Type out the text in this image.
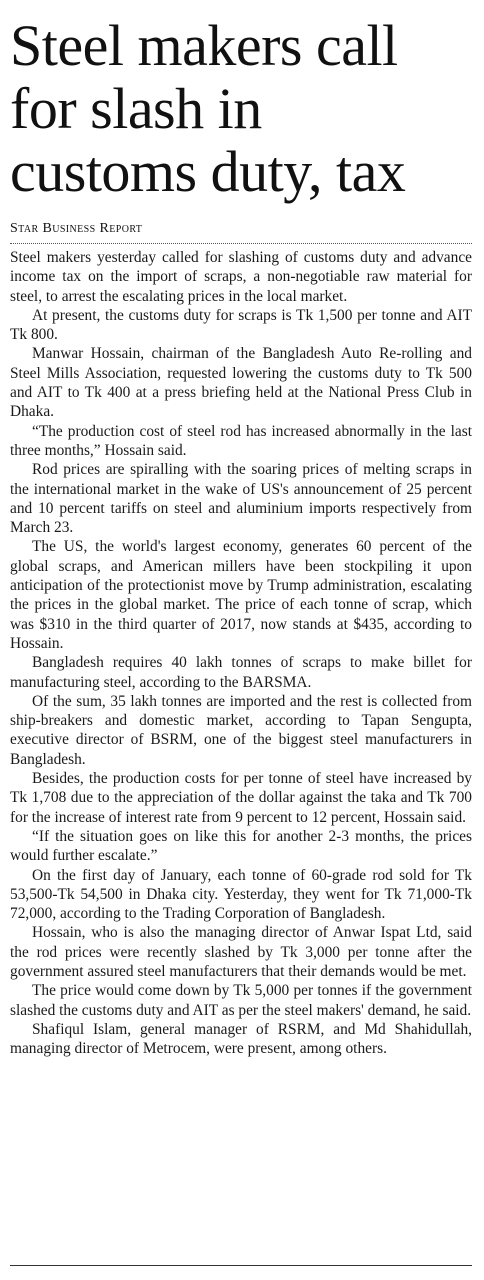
Steel makers call
for slash in
customs duty, tax
Star Business Report

Steel makers yesterday called for slashing of customs duty and advance income tax on the import of scraps, a non-negotiable raw material for steel, to arrest the escalating prices in the local market.

At present, the customs duty for scraps is Tk 1,500 per tonne and AIT Tk 800.

Manwar Hossain, chairman of the Bangladesh Auto Re-rolling and Steel Mills Association, requested lowering the customs duty to Tk 500 and AIT to Tk 400 at a press briefing held at the National Press Club in Dhaka.

“The production cost of steel rod has increased abnormally in the last three months,” Hossain said.

Rod prices are spiralling with the soaring prices of melting scraps in the international market in the wake of US's announcement of 25 percent and 10 percent tariffs on steel and aluminium imports respectively from March 23.

The US, the world's largest economy, generates 60 percent of the global scraps, and American millers have been stockpiling it upon anticipation of the protectionist move by Trump administration, escalating the prices in the global market. The price of each tonne of scrap, which was $310 in the third quarter of 2017, now stands at $435, according to Hossain.

Bangladesh requires 40 lakh tonnes of scraps to make billet for manufacturing steel, according to the BARSMA.

Of the sum, 35 lakh tonnes are imported and the rest is collected from ship-breakers and domestic market, according to Tapan Sengupta, executive director of BSRM, one of the biggest steel manufacturers in Bangladesh.

Besides, the production costs for per tonne of steel have increased by Tk 1,708 due to the appreciation of the dollar against the taka and Tk 700 for the increase of interest rate from 9 percent to 12 percent, Hossain said.

“If the situation goes on like this for another 2-3 months, the prices would further escalate.”

On the first day of January, each tonne of 60-grade rod sold for Tk 53,500-Tk 54,500 in Dhaka city. Yesterday, they went for Tk 71,000-Tk 72,000, according to the Trading Corporation of Bangladesh.

Hossain, who is also the managing director of Anwar Ispat Ltd, said the rod prices were recently slashed by Tk 3,000 per tonne after the government assured steel manufacturers that their demands would be met.

The price would come down by Tk 5,000 per tonnes if the government slashed the customs duty and AIT as per the steel makers' demand, he said.

Shafiqul Islam, general manager of RSRM, and Md Shahidullah, managing director of Metrocem, were present, among others.
